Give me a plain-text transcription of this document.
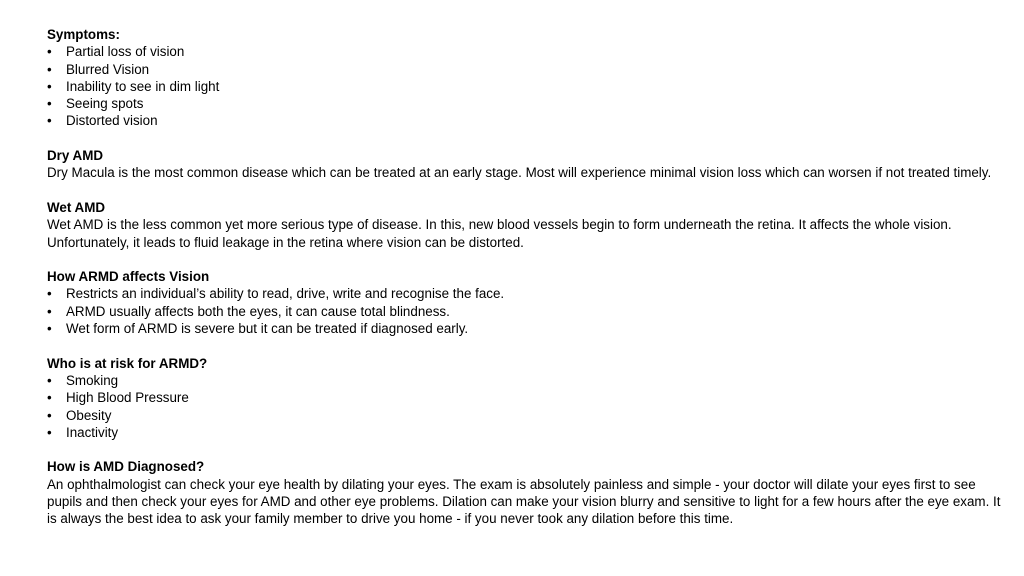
Symptoms:
• Partial loss of vision
• Blurred Vision
• Inability to see in dim light
• Seeing spots
• Distorted vision
Dry AMD

Dry Macula is the most common disease which can be treated at an early stage. Most will experience minimal vision loss which can worsen if not treated timely.

Wet AMD

Wet AMD is the less common yet more serious type of disease. In this, new blood vessels begin to form underneath the retina. It affects the whole vision. Unfortunately, it leads to fluid leakage in the retina where vision can be distorted.

How ARMD affects Vision
• Restricts an individual’s ability to read, drive, write and recognise the face.
• ARMD usually affects both the eyes, it can cause total blindness.
• Wet form of ARMD is severe but it can be treated if diagnosed early.
Who is at risk for ARMD?
• Smoking
• High Blood Pressure
• Obesity
• Inactivity
How is AMD Diagnosed?

An ophthalmologist can check your eye health by dilating your eyes. The exam is absolutely painless and simple - your doctor will dilate your eyes first to see pupils and then check your eyes for AMD and other eye problems. Dilation can make your vision blurry and sensitive to light for a few hours after the eye exam. It is always the best idea to ask your family member to drive you home - if you never took any dilation before this time.
